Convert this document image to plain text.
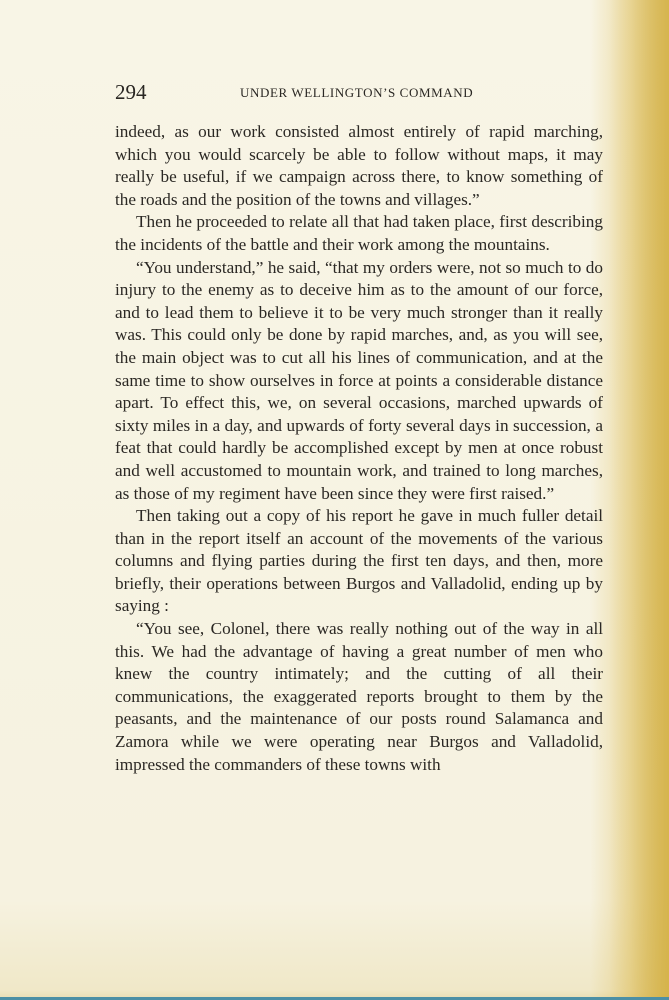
294	UNDER WELLINGTON’S COMMAND

indeed, as our work consisted almost entirely of rapid marching, which you would scarcely be able to follow without maps, it may really be useful, if we campaign across there, to know something of the roads and the position of the towns and villages.”

Then he proceeded to relate all that had taken place, first describing the incidents of the battle and their work among the mountains.

“You understand,” he said, “that my orders were, not so much to do injury to the enemy as to deceive him as to the amount of our force, and to lead them to believe it to be very much stronger than it really was. This could only be done by rapid marches, and, as you will see, the main object was to cut all his lines of communication, and at the same time to show ourselves in force at points a considerable distance apart. To effect this, we, on several occasions, marched upwards of sixty miles in a day, and upwards of forty several days in succession, a feat that could hardly be accomplished except by men at once robust and well accustomed to mountain work, and trained to long marches, as those of my regiment have been since they were first raised.”

Then taking out a copy of his report he gave in much fuller detail than in the report itself an account of the movements of the various columns and flying parties during the first ten days, and then, more briefly, their operations between Burgos and Valladolid, ending up by saying :

“You see, Colonel, there was really nothing out of the way in all this. We had the advantage of having a great number of men who knew the country intimately; and the cutting of all their communications, the exaggerated reports brought to them by the peasants, and the maintenance of our posts round Salamanca and Zamora while we were operating near Burgos and Valladolid, impressed the commanders of these towns with
